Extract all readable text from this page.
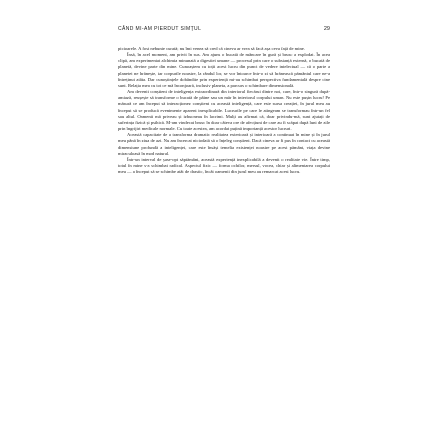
CÂND MI-AM PIERDUT SIMȚUL	29

picioarele. A fost nebunie curată; nu îmi venea să cred că cineva ar vrea să facă așa ceva față de mine.

Însă, în acel moment, am privit în sus. Am ajuns o bucată de mâncare în gură și brusc a explodat. În acea clipă, am experimentat alchimia minunată a digestiei umane — procesul prin care o substanță externă, o bucată de planetă, devine parte din mine. Cunoaștem cu toții acest lucru din punct de vedere intelectual — că o parte a planetei ne hrănește, iar corpurile noastre, la rândul lor, se vor întoarce într-o zi să hrănească pământul care ne-a întreținut atâta. Dar cunoștințele dobândite prin experiență mi-au schimbat perspectiva fundamentală despre cine sunt. Relația mea cu tot ce mă înconjoară, inclusiv planeta, a parcurs o schimbare dimensională.

Am devenit conștient de inteligența extraordinară din interiorul fiecărui dintre noi, care, într-o singură după-amiază, reușește să transforme o bucată de pâine sau un măr în interiorul corpului uman. Nu este pușin lucru! Pe măsură ce am început să interacționez conștient cu această inteligență, care este sursa creației, în jurul meu au început să se producă evenimente aparent inexplicabile. Lucrurile pe care le atingeam se transformau într-un fel sau altul. Oamenii mă priveau și izbucneau în lacrimi. Mulți au afirmat că, doar privindu-mă, sunt ajutați de suferința fizică și psihică. M-am vindecat brusc în doar câteva ore de afecțiuni de care au fi scăpat după luni de zile prin îngrijiri medicale normale. Cu toate acestea, am acordat puțină importanță acestor lucruri.

Această capacitate de a transforma dramatic realitatea exterioară și interioară a continuat în mine și în jurul meu până în ziua de azi. Nu am încercat niciodată să o înțeleg conștient. Dacă cineva ar fi pus în contact cu această dimensiune profundă a inteligenței, care este însăși temelia existenței noastre pe acest pământ, viața devine miraculoasă în mod natural.

Într-un interval de șase-opt săptămâni, această experiență inexplicabilă a devenit o realitate vie. Între timp, totul în mine s-a schimbat radical. Aspectul fizic — forma ochilor, mersul, vocea, chiar și alimentarea corpului meu — a început să se schimbe atât de drastic, încât oamenii din jurul meu au remarcat acest lucru.
